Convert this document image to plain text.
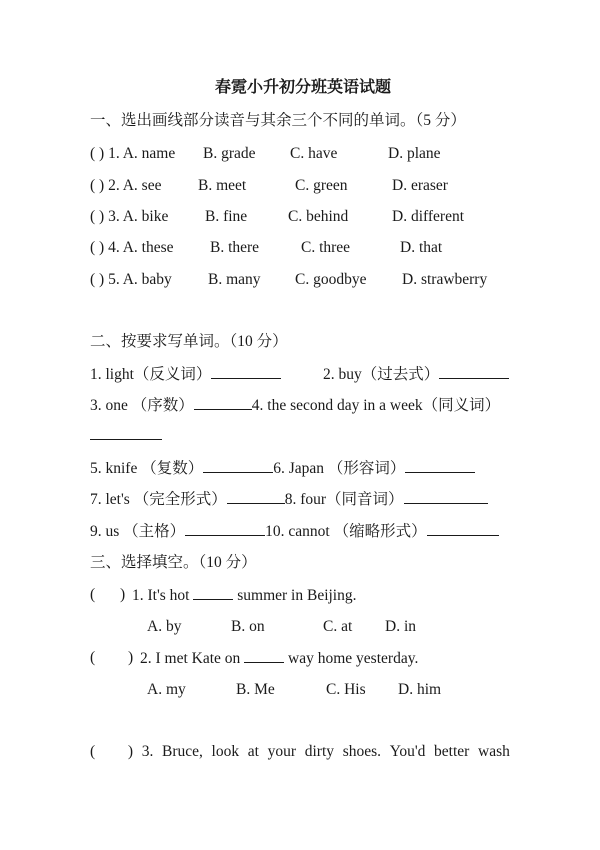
春霓小升初分班英语试题
一、选出画线部分读音与其余三个不同的单词。（5 分）
( ) 1. A. name B. grade C. have	D. plane
( ) 2. A. see B. meet	C. green	D. eraser
( ) 3. A. bike B. fine	C. behind	D. different
( ) 4. A. these B. there	C. three	D. that
( ) 5. A. baby B. many C. goodbye D. strawberry
二、按要求写单词。（10 分）
1. light（反义词）	2. buy（过去式）
3. one （序数）	4. the second day in a week（同义词）
5. knife （复数）	6. Japan （形容词）
7. let's （完全形式）	8. four（同音词）
9. us （主格）	10. cannot （缩略形式）
三、选择填空。（10 分）
( ) 1. It's hot	summer in Beijing.
A. by	B. on	C. at D. in
( ) 2. I met Kate on	way home yesterday.
A. my	B. Me	C. His D. him
( ) 3. Bruce, look at your dirty shoes. You'd better wash
